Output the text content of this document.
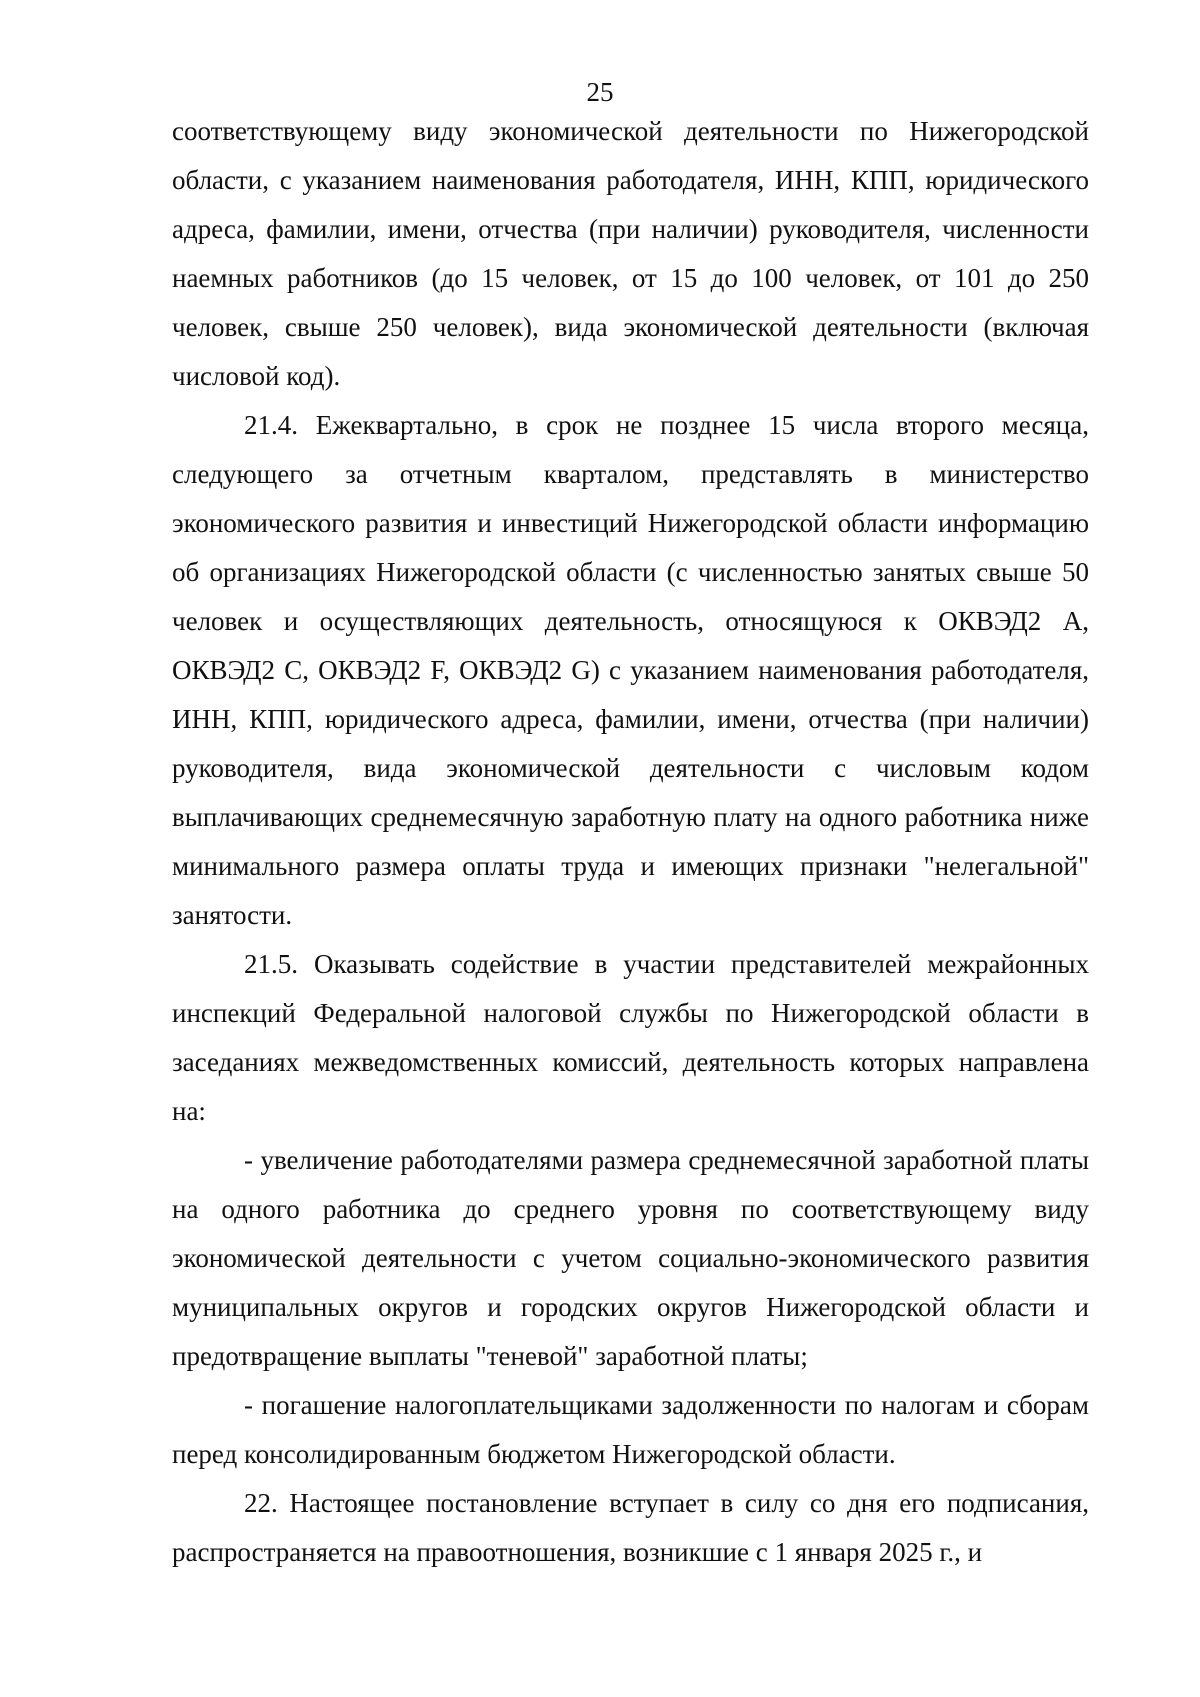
25

соответствующему виду экономической деятельности по Нижегородской области, с указанием наименования работодателя, ИНН, КПП, юридического адреса, фамилии, имени, отчества (при наличии) руководителя, численности наемных работников (до 15 человек, от 15 до 100 человек, от 101 до 250 человек, свыше 250 человек), вида экономической деятельности (включая числовой код).

21.4. Ежеквартально, в срок не позднее 15 числа второго месяца, следующего за отчетным кварталом, представлять в министерство экономического развития и инвестиций Нижегородской области информацию об организациях Нижегородской области (с численностью занятых свыше 50 человек и осуществляющих деятельность, относящуюся к ОКВЭД2 А, ОКВЭД2 С, ОКВЭД2 F, ОКВЭД2 G) с указанием наименования работодателя, ИНН, КПП, юридического адреса, фамилии, имени, отчества (при наличии) руководителя, вида экономической деятельности с числовым кодом выплачивающих среднемесячную заработную плату на одного работника ниже минимального размера оплаты труда и имеющих признаки "нелегальной" занятости.

21.5. Оказывать содействие в участии представителей межрайонных инспекций Федеральной налоговой службы по Нижегородской области в заседаниях межведомственных комиссий, деятельность которых направлена на:

- увеличение работодателями размера среднемесячной заработной платы на одного работника до среднего уровня по соответствующему виду экономической деятельности с учетом социально-экономического развития муниципальных округов и городских округов Нижегородской области и предотвращение выплаты "теневой" заработной платы;

- погашение налогоплательщиками задолженности по налогам и сборам перед консолидированным бюджетом Нижегородской области.

22. Настоящее постановление вступает в силу со дня его подписания, распространяется на правоотношения, возникшие с 1 января 2025 г., и
